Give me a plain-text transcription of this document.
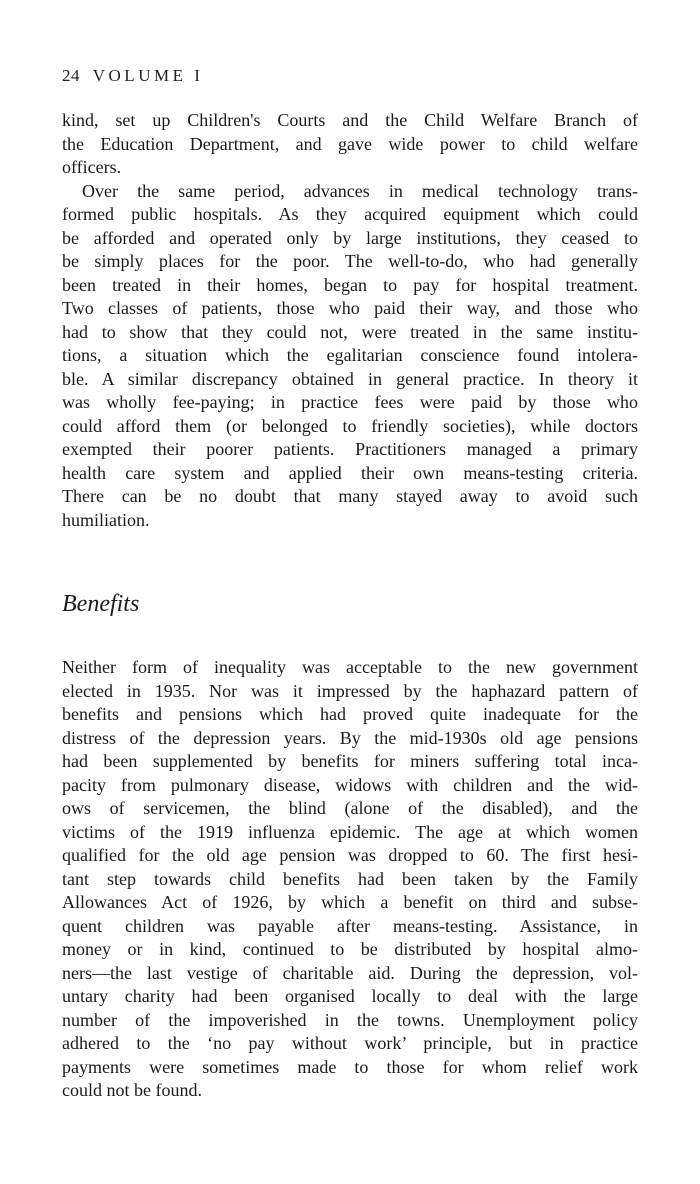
24 VOLUME I
kind, set up Children's Courts and the Child Welfare Branch of
the Education Department, and gave wide power to child welfare
officers.
Over the same period, advances in medical technology trans-
formed public hospitals. As they acquired equipment which could
be afforded and operated only by large institutions, they ceased to
be simply places for the poor. The well-to-do, who had generally
been treated in their homes, began to pay for hospital treatment.
Two classes of patients, those who paid their way, and those who
had to show that they could not, were treated in the same institu-
tions, a situation which the egalitarian conscience found intolera-
ble. A similar discrepancy obtained in general practice. In theory it
was wholly fee-paying; in practice fees were paid by those who
could afford them (or belonged to friendly societies), while doctors
exempted their poorer patients. Practitioners managed a primary
health care system and applied their own means-testing criteria.
There can be no doubt that many stayed away to avoid such
humiliation.
Benefits
Neither form of inequality was acceptable to the new government
elected in 1935. Nor was it impressed by the haphazard pattern of
benefits and pensions which had proved quite inadequate for the
distress of the depression years. By the mid-1930s old age pensions
had been supplemented by benefits for miners suffering total inca-
pacity from pulmonary disease, widows with children and the wid-
ows of servicemen, the blind (alone of the disabled), and the
victims of the 1919 influenza epidemic. The age at which women
qualified for the old age pension was dropped to 60. The first hesi-
tant step towards child benefits had been taken by the Family
Allowances Act of 1926, by which a benefit on third and subse-
quent children was payable after means-testing. Assistance, in
money or in kind, continued to be distributed by hospital almo-
ners—the last vestige of charitable aid. During the depression, vol-
untary charity had been organised locally to deal with the large
number of the impoverished in the towns. Unemployment policy
adhered to the ‘no pay without work’ principle, but in practice
payments were sometimes made to those for whom relief work
could not be found.
